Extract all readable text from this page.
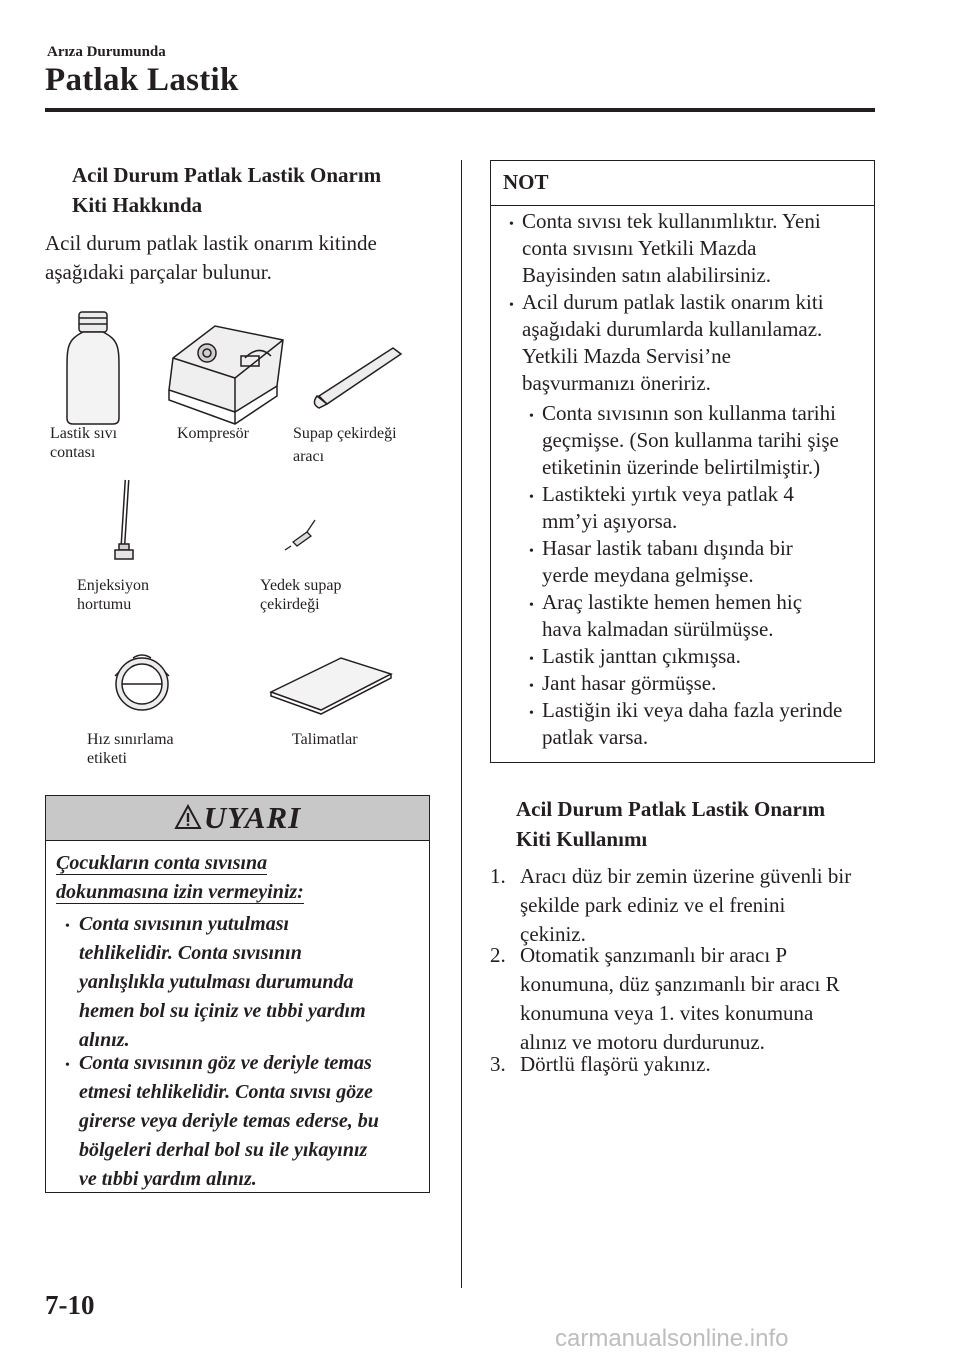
Arıza Durumunda
Patlak Lastik
Acil Durum Patlak Lastik Onarım
Kiti Hakkında
Acil durum patlak lastik onarım kitinde
aşağıdaki parçalar bulunur.
Lastik sıvı
contası
Kompresör	Supap çekirdeği
aracı
Enjeksiyon
hortumu
Yedek supap
çekirdeği
Hız sınırlama
etiketi
Talimatlar
UYARI
Çocukların conta sıvısına
dokunmasına izin vermeyiniz:
• Conta sıvısının yutulması
tehlikelidir. Conta sıvısının
yanlışlıkla yutulması durumunda
hemen bol su içiniz ve tıbbi yardım
alınız.
• Conta sıvısının göz ve deriyle temas
etmesi tehlikelidir. Conta sıvısı göze
girerse veya deriyle temas ederse, bu
bölgeleri derhal bol su ile yıkayınız
ve tıbbi yardım alınız.
NOT
• Conta sıvısı tek kullanımlıktır. Yeni
conta sıvısını Yetkili Mazda
Bayisinden satın alabilirsiniz.
• Acil durum patlak lastik onarım kiti
aşağıdaki durumlarda kullanılamaz.
Yetkili Mazda Servisi’ne
başvurmanızı öneririz.
• Conta sıvısının son kullanma tarihi
geçmişse. (Son kullanma tarihi şişe
etiketinin üzerinde belirtilmiştir.)
• Lastikteki yırtık veya patlak 4
mm’yi aşıyorsa.
• Hasar lastik tabanı dışında bir
yerde meydana gelmişse.
• Araç lastikte hemen hemen hiç
hava kalmadan sürülmüşse.
• Lastik janttan çıkmışsa.
• Jant hasar görmüşse.
• Lastiğin iki veya daha fazla yerinde
patlak varsa.
Acil Durum Patlak Lastik Onarım
Kiti Kullanımı
1. Aracı düz bir zemin üzerine güvenli bir
şekilde park ediniz ve el frenini
çekiniz.
2. Otomatik şanzımanlı bir aracı P
konumuna, düz şanzımanlı bir aracı R
konumuna veya 1. vites konumuna
alınız ve motoru durdurunuz.
3. Dörtlü flaşörü yakınız.
7-10
carmanualsonline.info
